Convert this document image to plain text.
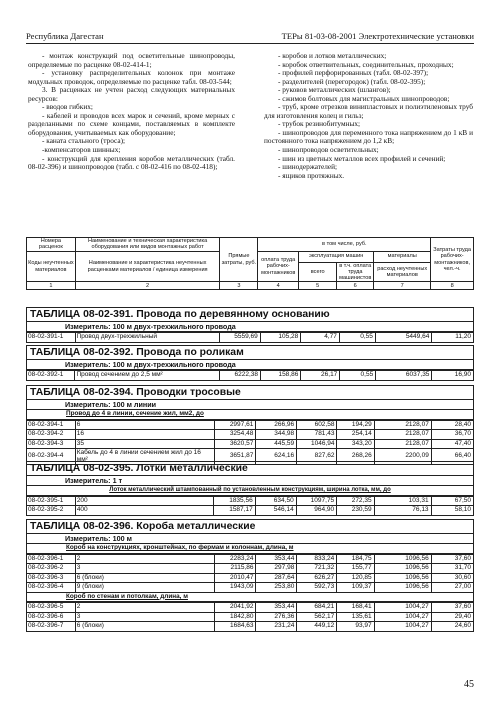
Республика Дагестан	ТЕРы 81-03-08-2001 Электротехнические установки

- монтаж конструкций под осветительные шинопроводы, определяемые по расценке 08-02-414-1;

- установку распределительных колонок при монтаже модульных проводок, определяемые по расценке табл. 08-03-544;

3. В расценках не учтен расход следующих материальных ресурсов:

- вводов гибких;

- кабелей и проводов всех марок и сечений, кроме мерных с разделанными по схеме концами, поставляемых в комплекте оборудования, учитываемых как оборудование;

- каната стального (троса);

-компенсаторов шинных;

- конструкций для крепления коробов металлических (табл. 08-02-396) и шинопроводов (табл. с 08-02-416 по 08-02-418);

- коробов и лотков металлических;

- коробок ответвительных, соединительных, проходных;

- профилей перфорированных (табл. 08-02-397);

- разделителей (перегородок) (табл. 08-02-395);

- руковов металлических (шлангов);

- сжимов болтовых для магистральных шинопроводов;

- труб, кроме отрезков винипластовых и полиэтиленовых труб для изготовления колец и гильз;

- трубок резинобитумных;

- шинопроводов для переменного тока напряжением до 1 кВ и постоянного тока напряжением до 1,2 кВ;

- шинопроводов осветительных;

- шин из цветных металлов всех профилей и сечений;

- шинодержателей;

- ящиков протяжных.

Номера расценок	Наименование и техническая характеристика оборудования или видов монтажных работ	Прямые затраты, руб.	в том числе, руб.				Затраты труда рабочих-монтажников, чел.-ч.
Коды неучтенных материалов	Наименование и характеристика неучтенных расценками материалов / единица измерения		оплата труда рабочих-монтажников	эксплуатация машин		материалы	
				всего	в т.ч. оплата труда машинистов	расход неучтенных материалов	
1	2	3	4	5	6	7	8
ТАБЛИЦА 08-02-391. Провода по деревянному основанию
Измеритель: 100 м двух-трехжильного провода
08-02-391-1	Провод двух-трехжильный	5559,69	105,28	4,77	0,55	5449,64	11,20
ТАБЛИЦА 08-02-392. Провода по роликам
Измеритель: 100 м двух-трехжильного провода
08-02-392-1	Провод сечением до 2,5 мм²	6222,38	158,86	26,17	0,55	6037,35	16,90
ТАБЛИЦА 08-02-394. Проводки тросовые
Измеритель: 100 м линии
Провод до 4 в линии, сечение жил, мм2, до
08-02-394-1	6	2997,61	266,96	602,58	194,29	2128,07	28,40
08-02-394-2	16	3254,48	344,98	781,43	254,14	2128,07	36,70
08-02-394-3	35	3620,57	445,59	1046,94	343,20	2128,07	47,40
08-02-394-4	Кабель до 4 в линии сечением жил до 16 мм²	3651,87	624,16	827,62	268,26	2200,09	66,40
ТАБЛИЦА 08-02-395. Лотки металлические
Измеритель: 1 т
Лоток металлический штампованный по установленным конструкциям, ширина лотка, мм, до
08-02-395-1	200	1835,56	634,50	1097,75	272,35	103,31	67,50
08-02-395-2	400	1587,17	546,14	964,90	230,59	76,13	58,10
ТАБЛИЦА 08-02-396. Короба металлические
Измеритель: 100 м
Короб на конструкциях, кронштейнах, по фермам и колоннам, длина, м
08-02-396-1	2	2283,24	353,44	833,24	184,75	1096,56	37,60
08-02-396-2	3	2115,86	297,98	721,32	155,77	1096,56	31,70
08-02-396-3	6 (блоки)	2010,47	287,64	626,27	120,85	1096,56	30,60
08-02-396-4	9 (блоки)	1943,09	253,80	592,73	109,37	1096,56	27,00
Короб по стенам и потолкам, длина, м
08-02-396-5	2	2041,92	353,44	684,21	168,41	1004,27	37,60
08-02-396-6	3	1842,80	276,36	562,17	135,61	1004,27	29,40
08-02-396-7	6 (блоки)	1684,63	231,24	449,12	93,97	1004,27	24,60
45
